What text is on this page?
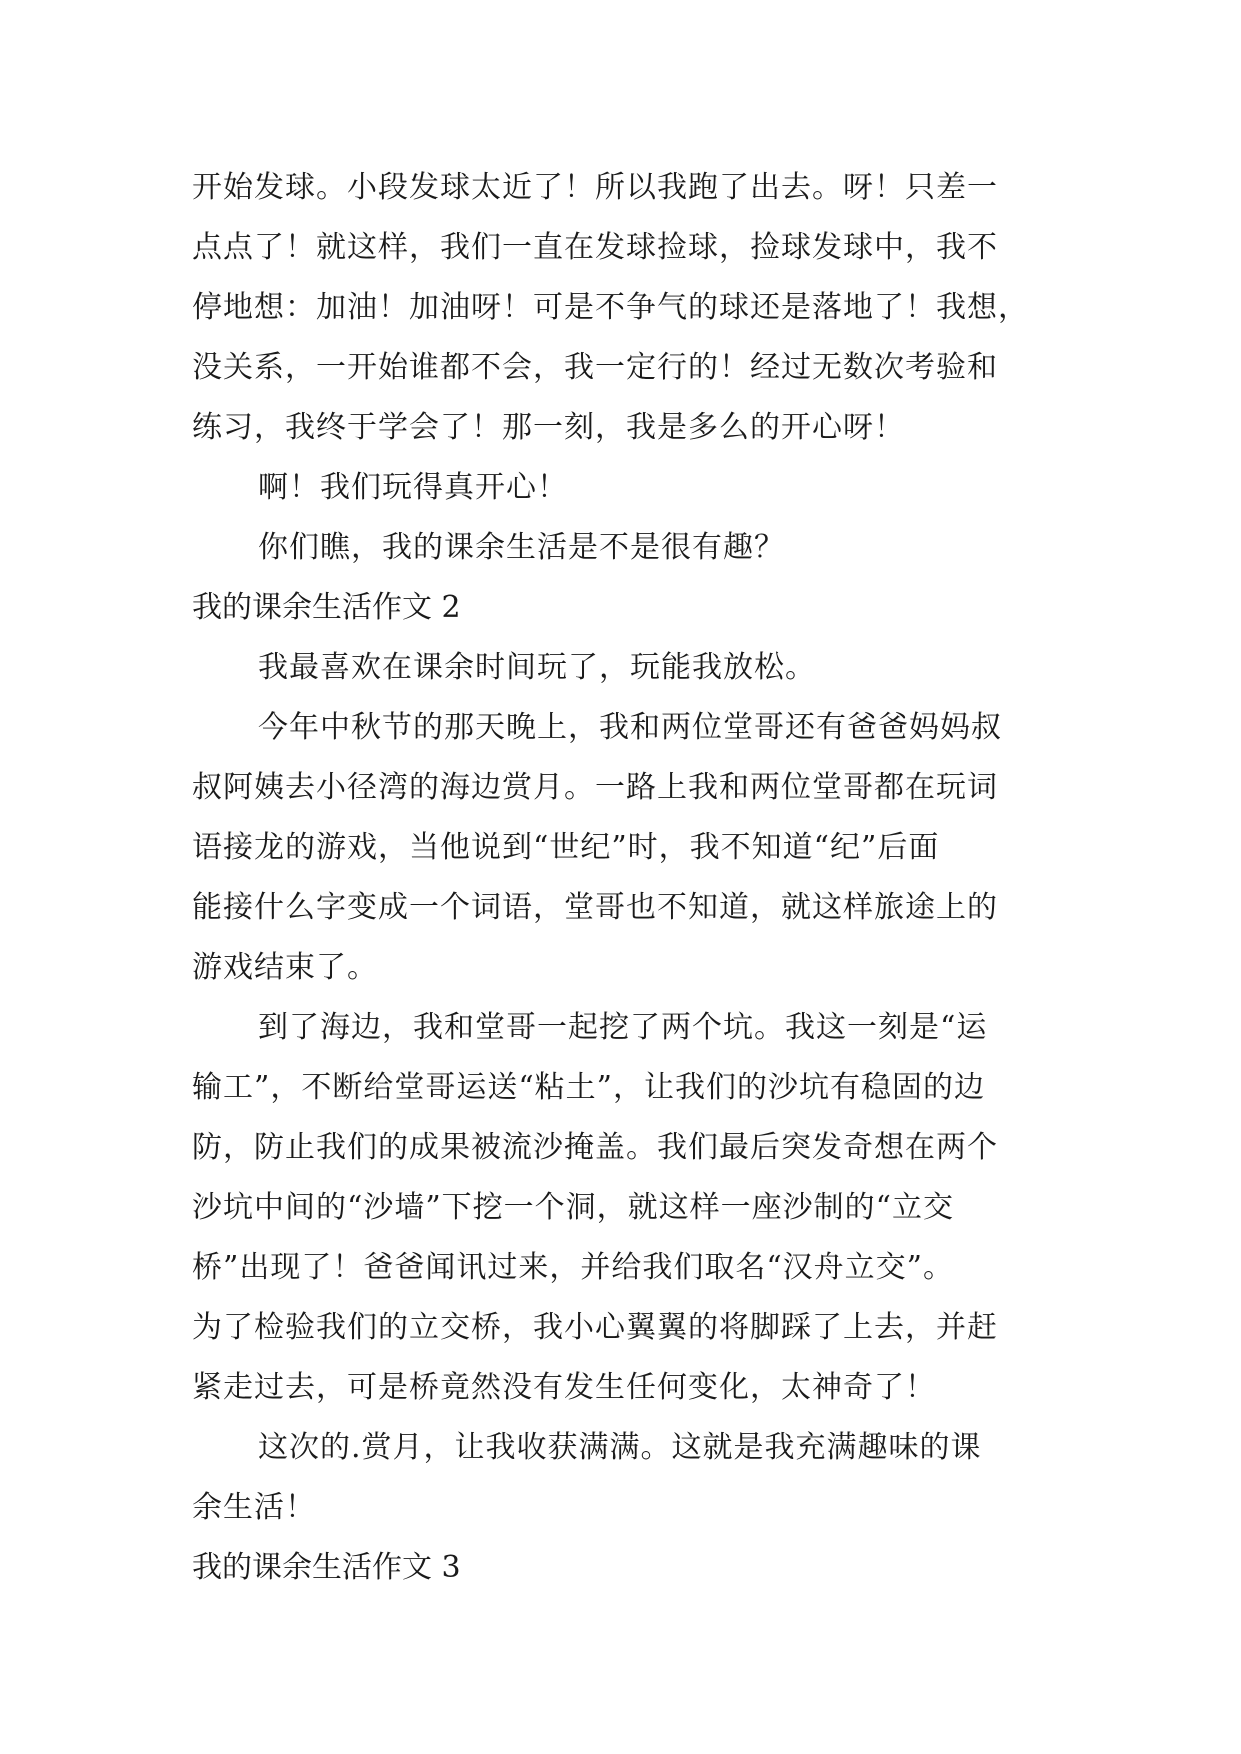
开始发球。小段发球太近了！所以我跑了出去。呀！只差一
点点了！就这样，我们一直在发球捡球，捡球发球中，我不
停地想：加油！加油呀！可是不争气的球还是落地了！我想，
没关系，一开始谁都不会，我一定行的！经过无数次考验和
练习，我终于学会了！那一刻，我是多么的开心呀！
啊！我们玩得真开心！
你们瞧，我的课余生活是不是很有趣？
我的课余生活作文 2
我最喜欢在课余时间玩了，玩能我放松。
今年中秋节的那天晚上，我和两位堂哥还有爸爸妈妈叔
叔阿姨去小径湾的海边赏月。一路上我和两位堂哥都在玩词
语接龙的游戏，当他说到“世纪”时，我不知道“纪”后面
能接什么字变成一个词语，堂哥也不知道，就这样旅途上的
游戏结束了。
到了海边，我和堂哥一起挖了两个坑。我这一刻是“运
输工”，不断给堂哥运送“粘土”，让我们的沙坑有稳固的边
防，防止我们的成果被流沙掩盖。我们最后突发奇想在两个
沙坑中间的“沙墙”下挖一个洞，就这样一座沙制的“立交
桥”出现了！爸爸闻讯过来，并给我们取名“汉舟立交”。
为了检验我们的立交桥，我小心翼翼的将脚踩了上去，并赶
紧走过去，可是桥竟然没有发生任何变化，太神奇了！
这次的.赏月，让我收获满满。这就是我充满趣味的课
余生活！
我的课余生活作文 3
